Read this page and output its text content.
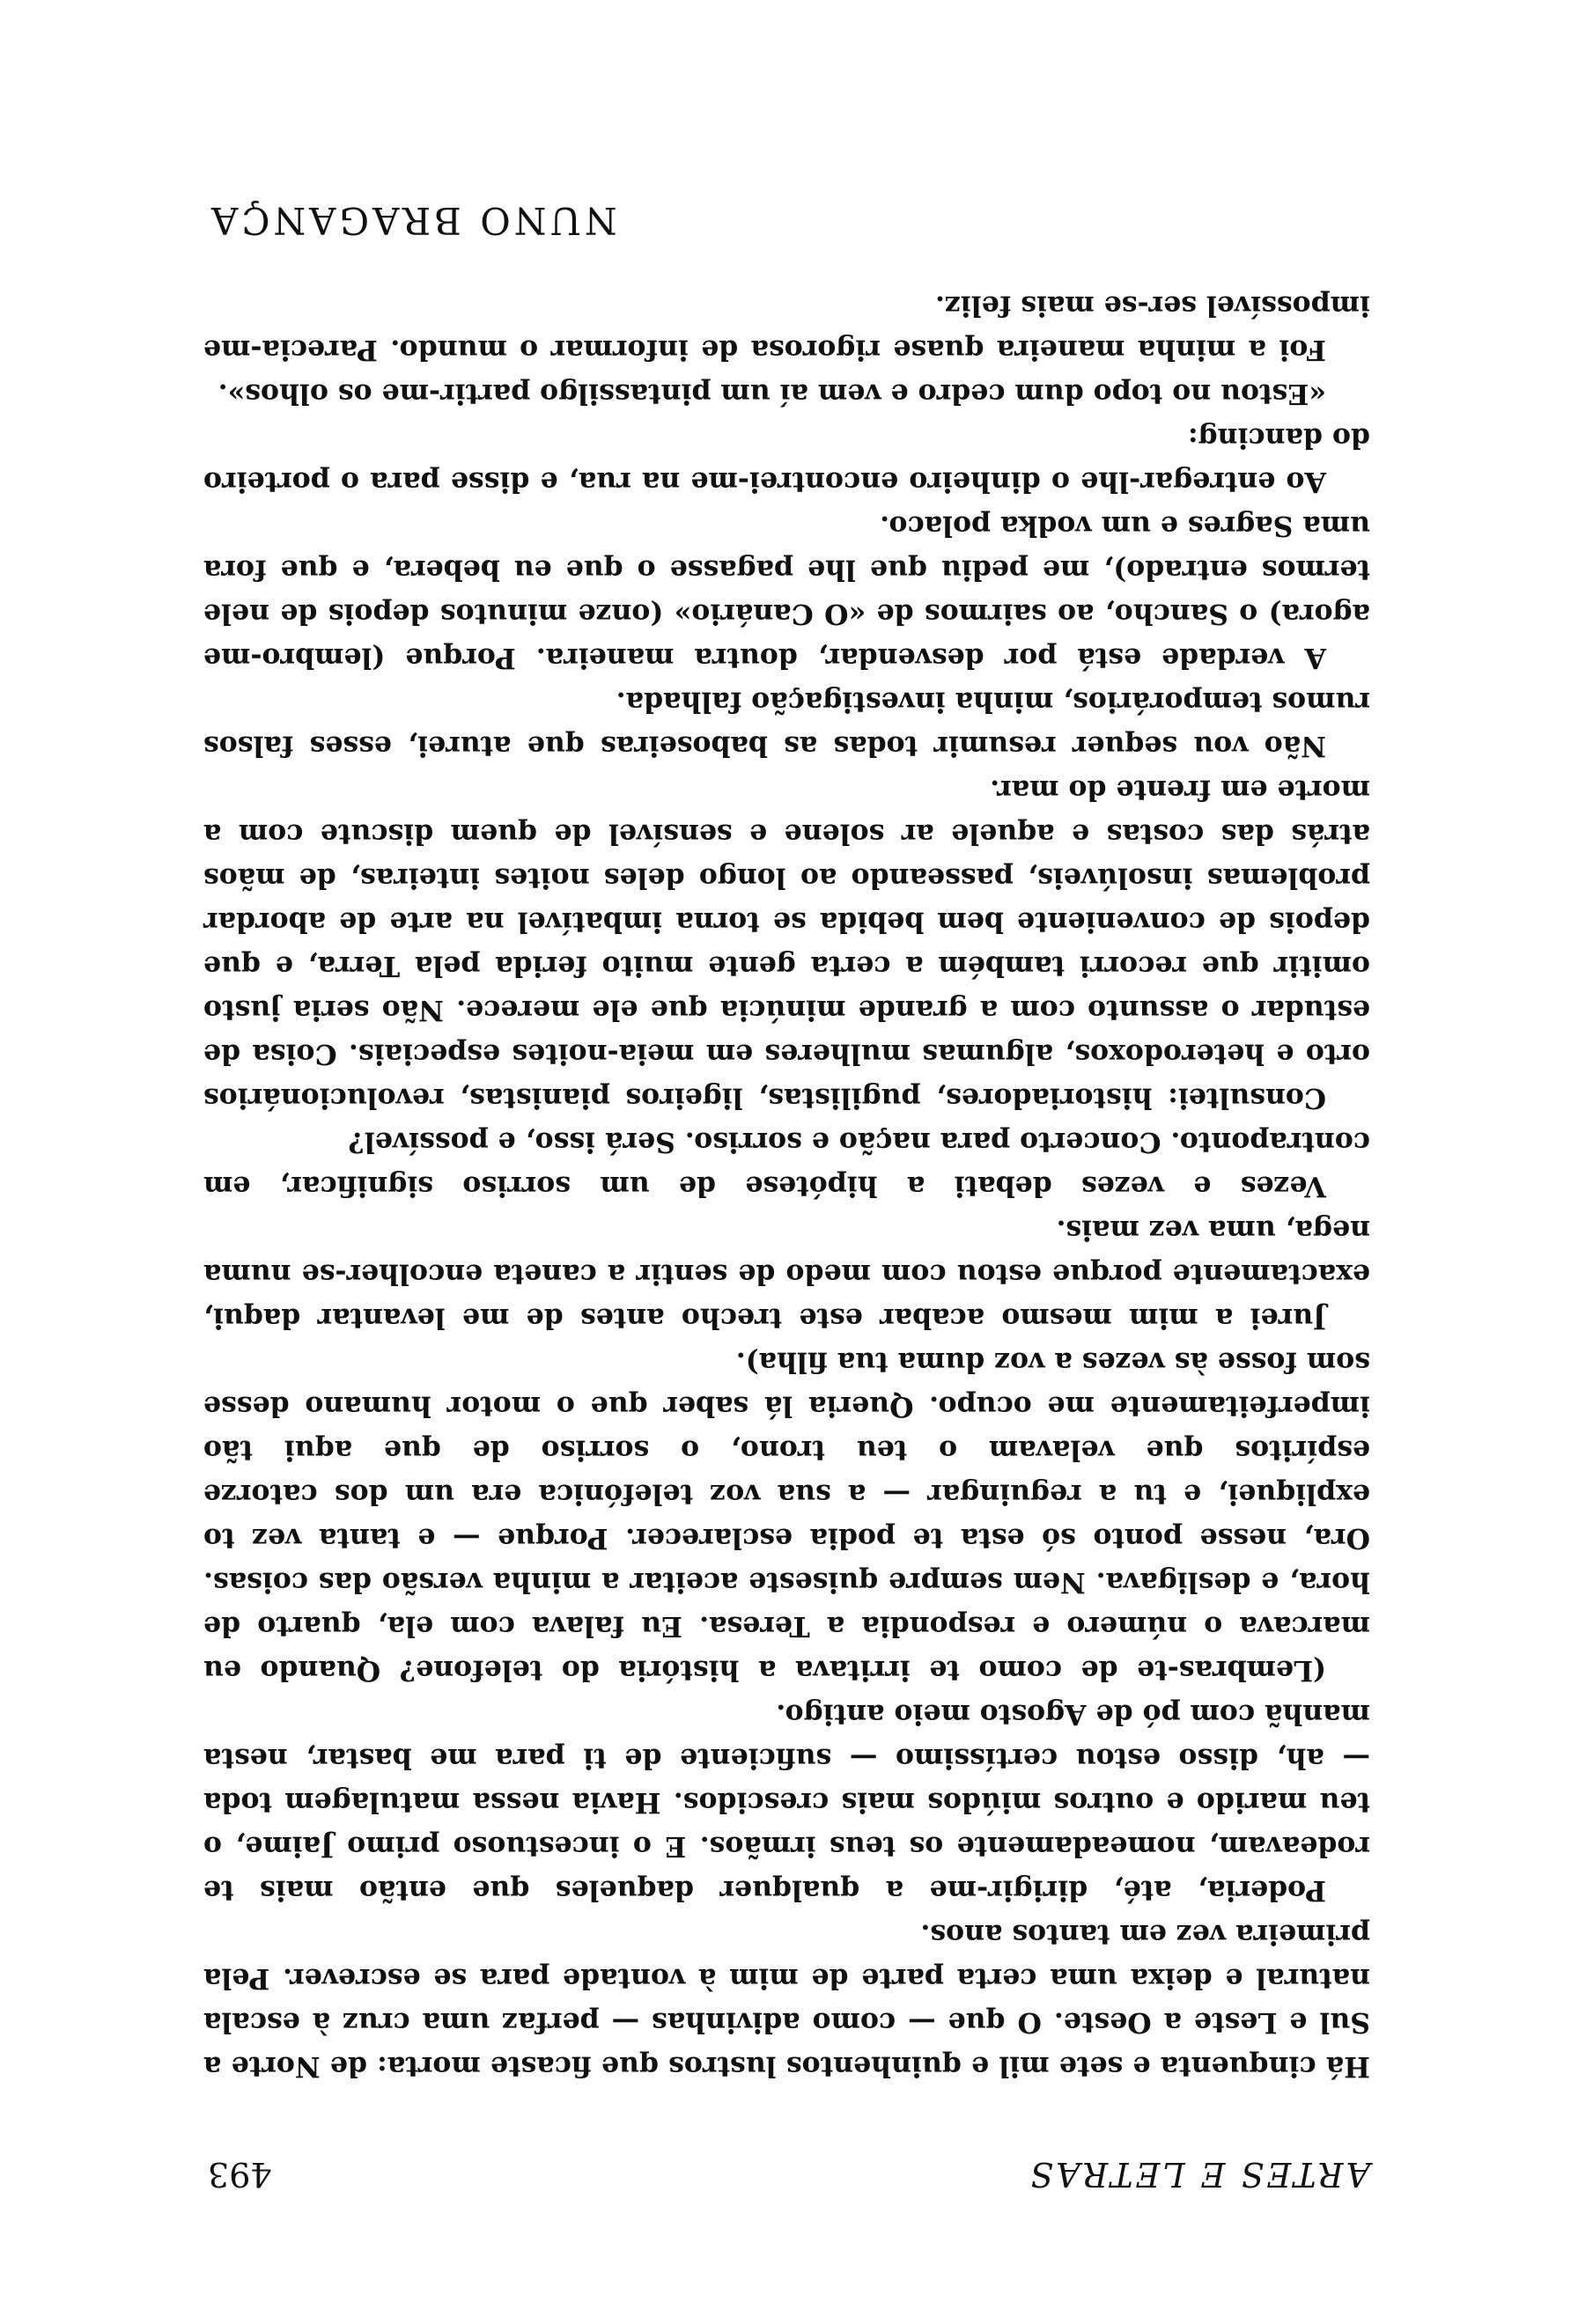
ARTES E LETRAS
493

Há cinquenta e sete mil e quinhentos lustros que ficaste morta: de Norte a Sul e Leste a Oeste. O que — como adivinhas — perfaz uma cruz à escala natural e deixa uma certa parte de mim à vontade para se escrever. Pela primeira vez em tantos anos.

Poderia, até, dirigir-me a qualquer daqueles que então mais te rodeavam, nomeadamente os teus irmãos. E o incestuoso primo Jaime, o teu marido e outros miúdos mais crescidos. Havia nessa matulagem toda — ah, disso estou certíssimo — suficiente de ti para me bastar, nesta manhã com pó de Agosto meio antigo.

(Lembras-te de como te irritava a história do telefone? Quando eu marcava o número e respondia a Teresa. Eu falava com ela, quarto de hora, e desligava. Nem sempre quiseste aceitar a minha versão das coisas. Ora, nesse ponto só esta te podia esclarecer. Porque — e tanta vez to expliquei, e tu a reguingar — a sua voz telefónica era um dos catorze espíritos que velavam o teu trono, o sorriso de que aqui tão imperfeitamente me ocupo. Queria lá saber que o motor humano desse som fosse às vezes a voz duma tua filha).

Jurei a mim mesmo acabar este trecho antes de me levantar daqui, exactamente porque estou com medo de sentir a caneta encolher-se numa nega, uma vez mais.

Vezes e vezes debati a hipótese de um sorriso significar, em contraponto. Concerto para nação e sorriso. Será isso, e possível?

Consultei: historiadores, pugilistas, ligeiros pianistas, revolucionários orto e heterodoxos, algumas mulheres em meia-noites especiais. Coisa de estudar o assunto com a grande minúcia que ele merece. Não seria justo omitir que recorri também a certa gente muito ferida pela Terra, e que depois de conveniente bem bebida se torna imbatível na arte de abordar problemas insolúveis, passeando ao longo deles noites inteiras, de mãos atrás das costas e aquele ar solene e sensível de quem discute com a morte em frente do mar.

Não vou sequer resumir todas as baboseiras que aturei, esses falsos rumos temporários, minha investigação falhada.

A verdade está por desvendar, doutra maneira. Porque (lembro-me agora) o Sancho, ao sairmos de «O Canário» (onze minutos depois de nele termos entrado), me pediu que lhe pagasse o que eu bebera, e que fora uma Sagres e um vodka polaco.

Ao entregar-lhe o dinheiro encontrei-me na rua, e disse para o porteiro do dancing:

«Estou no topo dum cedro e vem aí um pintassilgo partir-me os olhos».

Foi a minha maneira quase rigorosa de informar o mundo. Parecia-me impossível ser-se mais feliz.

NUNO BRAGANÇA
